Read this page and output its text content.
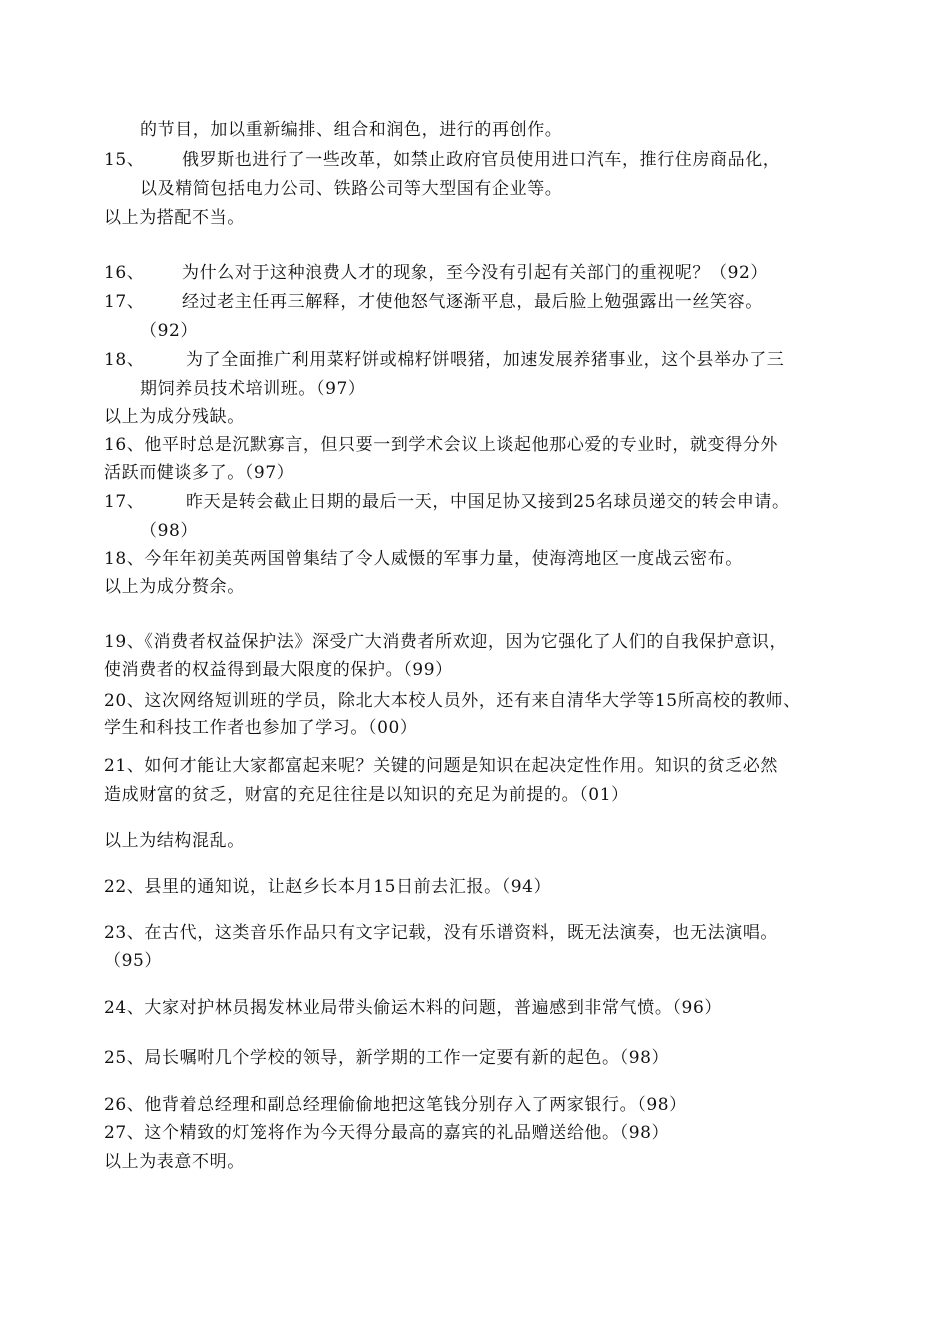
的节目，加以重新编排、组合和润色，进行的再创作。
15、 俄罗斯也进行了一些改革，如禁止政府官员使用进口汽车，推行住房商品化，
以及精简包括电力公司、铁路公司等大型国有企业等。
以上为搭配不当。
16、 为什么对于这种浪费人才的现象，至今没有引起有关部门的重视呢？（92）
17、 经过老主任再三解释，才使他怒气逐渐平息，最后脸上勉强露出一丝笑容。
（92）
18、 为了全面推广利用菜籽饼或棉籽饼喂猪，加速发展养猪事业，这个县举办了三
期饲养员技术培训班。（97）
以上为成分残缺。
16、他平时总是沉默寡言，但只要一到学术会议上谈起他那心爱的专业时，就变得分外
活跃而健谈多了。（97）
17、 昨天是转会截止日期的最后一天，中国足协又接到25名球员递交的转会申请。
（98）
18、今年年初美英两国曾集结了令人威慑的军事力量，使海湾地区一度战云密布。
以上为成分赘余。
19、《消费者权益保护法》深受广大消费者所欢迎，因为它强化了人们的自我保护意识，
使消费者的权益得到最大限度的保护。（99）
20、这次网络短训班的学员，除北大本校人员外，还有来自清华大学等15所高校的教师、
学生和科技工作者也参加了学习。（00）
21、如何才能让大家都富起来呢？关键的问题是知识在起决定性作用。知识的贫乏必然
造成财富的贫乏，财富的充足往往是以知识的充足为前提的。（01）
以上为结构混乱。
22、县里的通知说，让赵乡长本月15日前去汇报。（94）
23、在古代，这类音乐作品只有文字记载，没有乐谱资料，既无法演奏，也无法演唱。
（95）
24、大家对护林员揭发林业局带头偷运木料的问题，普遍感到非常气愤。（96）
25、局长嘱咐几个学校的领导，新学期的工作一定要有新的起色。（98）
26、他背着总经理和副总经理偷偷地把这笔钱分别存入了两家银行。（98）
27、这个精致的灯笼将作为今天得分最高的嘉宾的礼品赠送给他。（98）
以上为表意不明。
